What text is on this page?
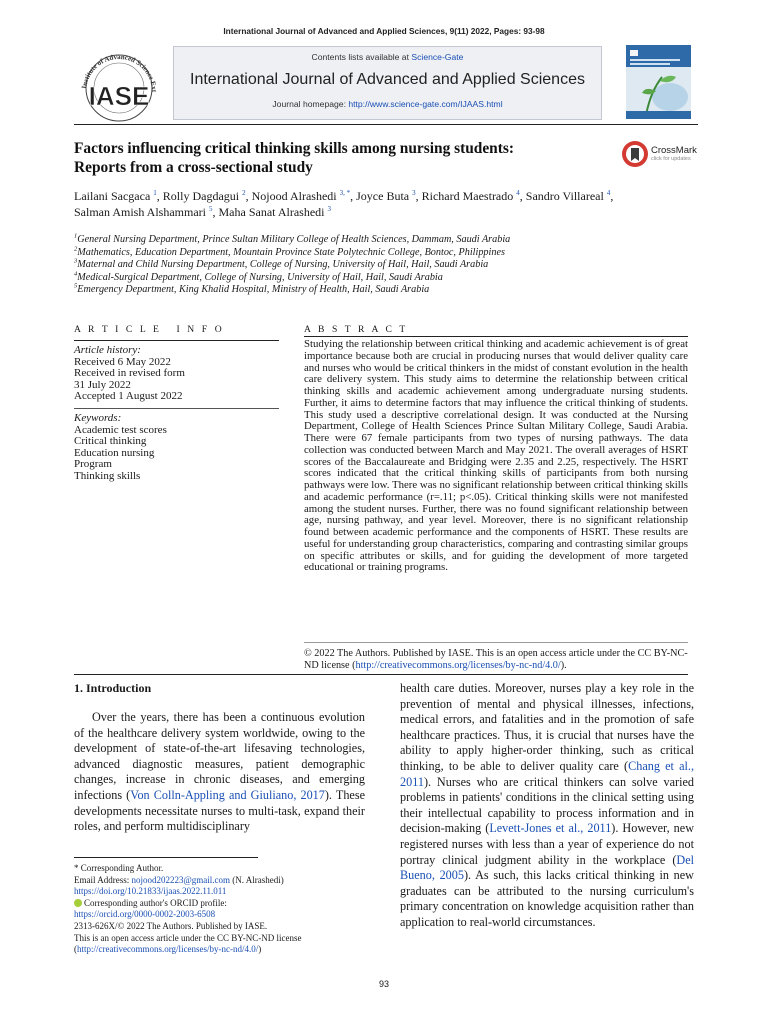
International Journal of Advanced and Applied Sciences, 9(11) 2022, Pages: 93-98
Institute of Advanced Science Ext
IASE
Contents lists available at Science-Gate
International Journal of Advanced and Applied Sciences
Journal homepage: http://www.science-gate.com/IJAAS.html
Factors influencing critical thinking skills among nursing students:
Reports from a cross-sectional study
CrossMark
click for updates
Lailani Sacgaca $^1$, Rolly Dagdagui $^2$, Nojood Alrashedi $^{3, *}$, Joyce Buta $^3$, Richard Maestrado $^4$, Sandro Villareal $^4$,
Salman Amish Alshammari $^5$, Maha Sanat Alrashedi $^3$
$^1$General Nursing Department, Prince Sultan Military College of Health Sciences, Dammam, Saudi Arabia
$^2$Mathematics, Education Department, Mountain Province State Polytechnic College, Bontoc, Philippines
$^3$Maternal and Child Nursing Department, College of Nursing, University of Hail, Hail, Saudi Arabia
$^4$Medical-Surgical Department, College of Nursing, University of Hail, Hail, Saudi Arabia
$^5$Emergency Department, King Khalid Hospital, Ministry of Health, Hail, Saudi Arabia
A R T I C L E   I N F O	A B S T R A C T
Article history:
Received 6 May 2022
Received in revised form
31 July 2022
Accepted 1 August 2022
Keywords:
Academic test scores
Critical thinking
Education nursing
Program
Thinking skills
Studying the relationship between critical thinking and academic achievement is of great importance because both are crucial in producing nurses that would deliver quality care and nurses who would be critical thinkers in the midst of constant evolution in the health care delivery system. This study aims to determine the relationship between critical thinking skills and academic achievement among undergraduate nursing students. Further, it aims to determine factors that may influence the critical thinking of students. This study used a descriptive correlational design. It was conducted at the Nursing Department, College of Health Sciences Prince Sultan Military College, Saudi Arabia. There were 67 female participants from two types of nursing pathways. The data collection was conducted between March and May 2021. The overall averages of HSRT scores of the Baccalaureate and Bridging were 2.35 and 2.25, respectively. The HSRT scores indicated that the critical thinking skills of participants from both nursing pathways were low. There was no significant relationship between critical thinking skills and academic performance (r=.11; p<.05). Critical thinking skills were not manifested among the student nurses. Further, there was no found significant relationship between age, nursing pathway, and year level. Moreover, there is no significant relationship found between academic performance and the components of HSRT. These results are useful for understanding group characteristics, comparing and contrasting similar groups on specific attributes or skills, and for guiding the development of more targeted educational or training programs.
© 2022 The Authors. Published by IASE. This is an open access article under the CC BY-NC-ND license (http://creativecommons.org/licenses/by-nc-nd/4.0/).
1. Introduction
Over the years, there has been a continuous evolution of the healthcare delivery system worldwide, owing to the development of state-of-the-art lifesaving technologies, advanced diagnostic measures, patient demographic changes, increase in chronic diseases, and emerging infections (Von Colln-Appling and Giuliano, 2017). These developments necessitate nurses to multi-task, expand their roles, and perform multidisciplinary
health care duties. Moreover, nurses play a key role in the prevention of mental and physical illnesses, infections, medical errors, and fatalities and in the promotion of safe healthcare practices. Thus, it is crucial that nurses have the ability to apply higher-order thinking, such as critical thinking, to be able to deliver quality care (Chang et al., 2011). Nurses who are critical thinkers can solve varied problems in patients' conditions in the clinical setting using their intellectual capability to process information and in decision-making (Levett-Jones et al., 2011). However, new registered nurses with less than a year of experience do not portray clinical judgment ability in the workplace (Del Bueno, 2005). As such, this lacks critical thinking in new graduates can be attributed to the nursing curriculum's primary concentration on knowledge acquisition rather than application to real-world circumstances.
* Corresponding Author.
Email Address: nojood202223@gmail.com (N. Alrashedi)
https://doi.org/10.21833/ijaas.2022.11.011
Corresponding author's ORCID profile:
https://orcid.org/0000-0002-2003-6508
2313-626X/© 2022 The Authors. Published by IASE.
This is an open access article under the CC BY-NC-ND license
(http://creativecommons.org/licenses/by-nc-nd/4.0/)
93
